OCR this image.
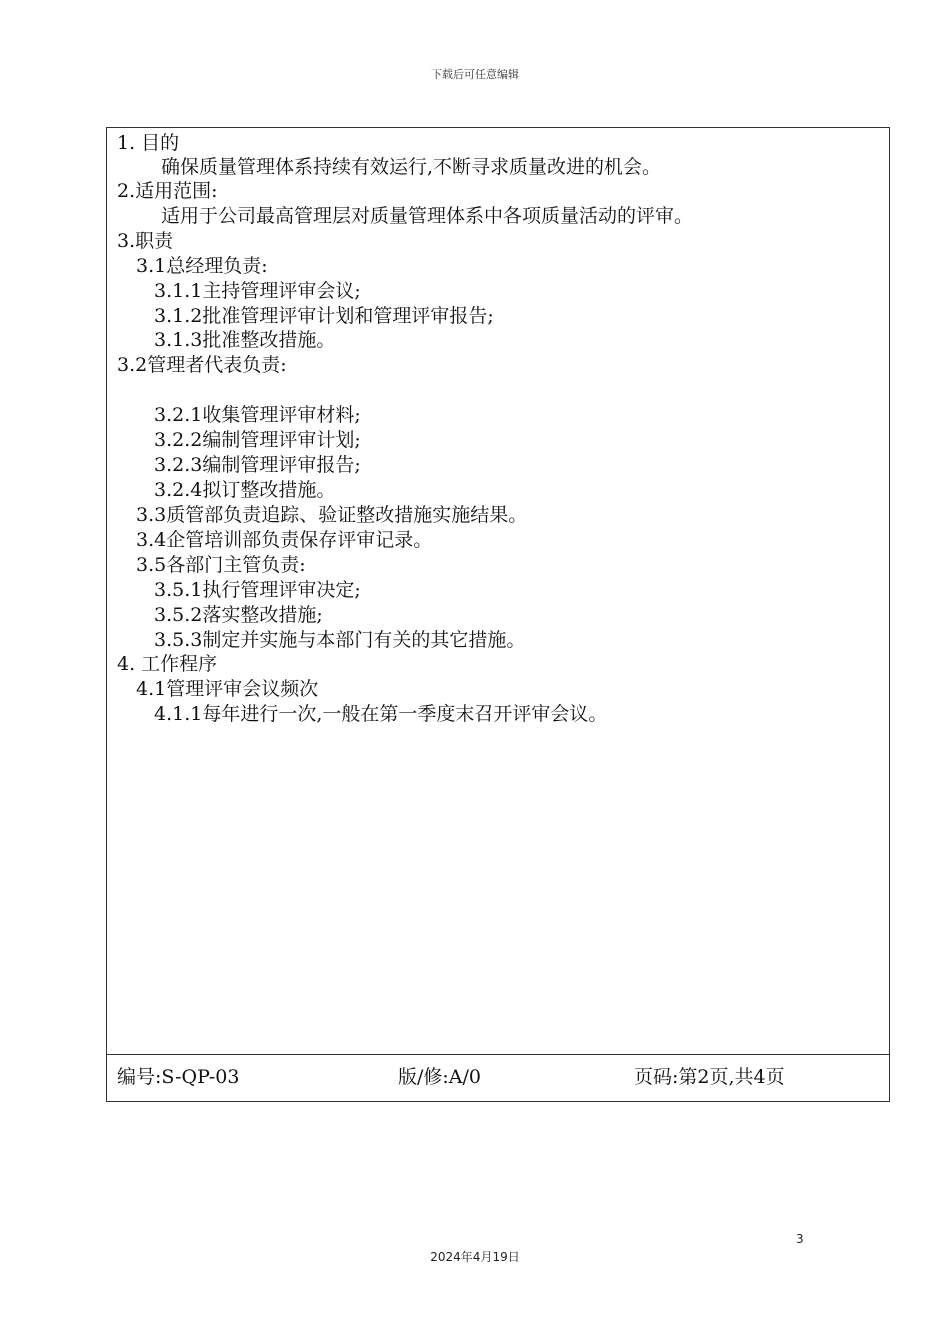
下载后可任意编辑
1. 目的
确保质量管理体系持续有效运行,不断寻求质量改进的机会。
2.适用范围:
适用于公司最高管理层对质量管理体系中各项质量活动的评审。
3.职责
3.1总经理负责:
3.1.1主持管理评审会议;
3.1.2批准管理评审计划和管理评审报告;
3.1.3批准整改措施。
3.2管理者代表负责:
3.2.1收集管理评审材料;
3.2.2编制管理评审计划;
3.2.3编制管理评审报告;
3.2.4拟订整改措施。
3.3质管部负责追踪、验证整改措施实施结果。
3.4企管培训部负责保存评审记录。
3.5各部门主管负责:
3.5.1执行管理评审决定;
3.5.2落实整改措施;
3.5.3制定并实施与本部门有关的其它措施。
4. 工作程序
4.1管理评审会议频次
4.1.1每年进行一次,一般在第一季度末召开评审会议。
编号:S-QP-03	版/修:A/0	页码:第2页,共4页
3
2024年4月19日
